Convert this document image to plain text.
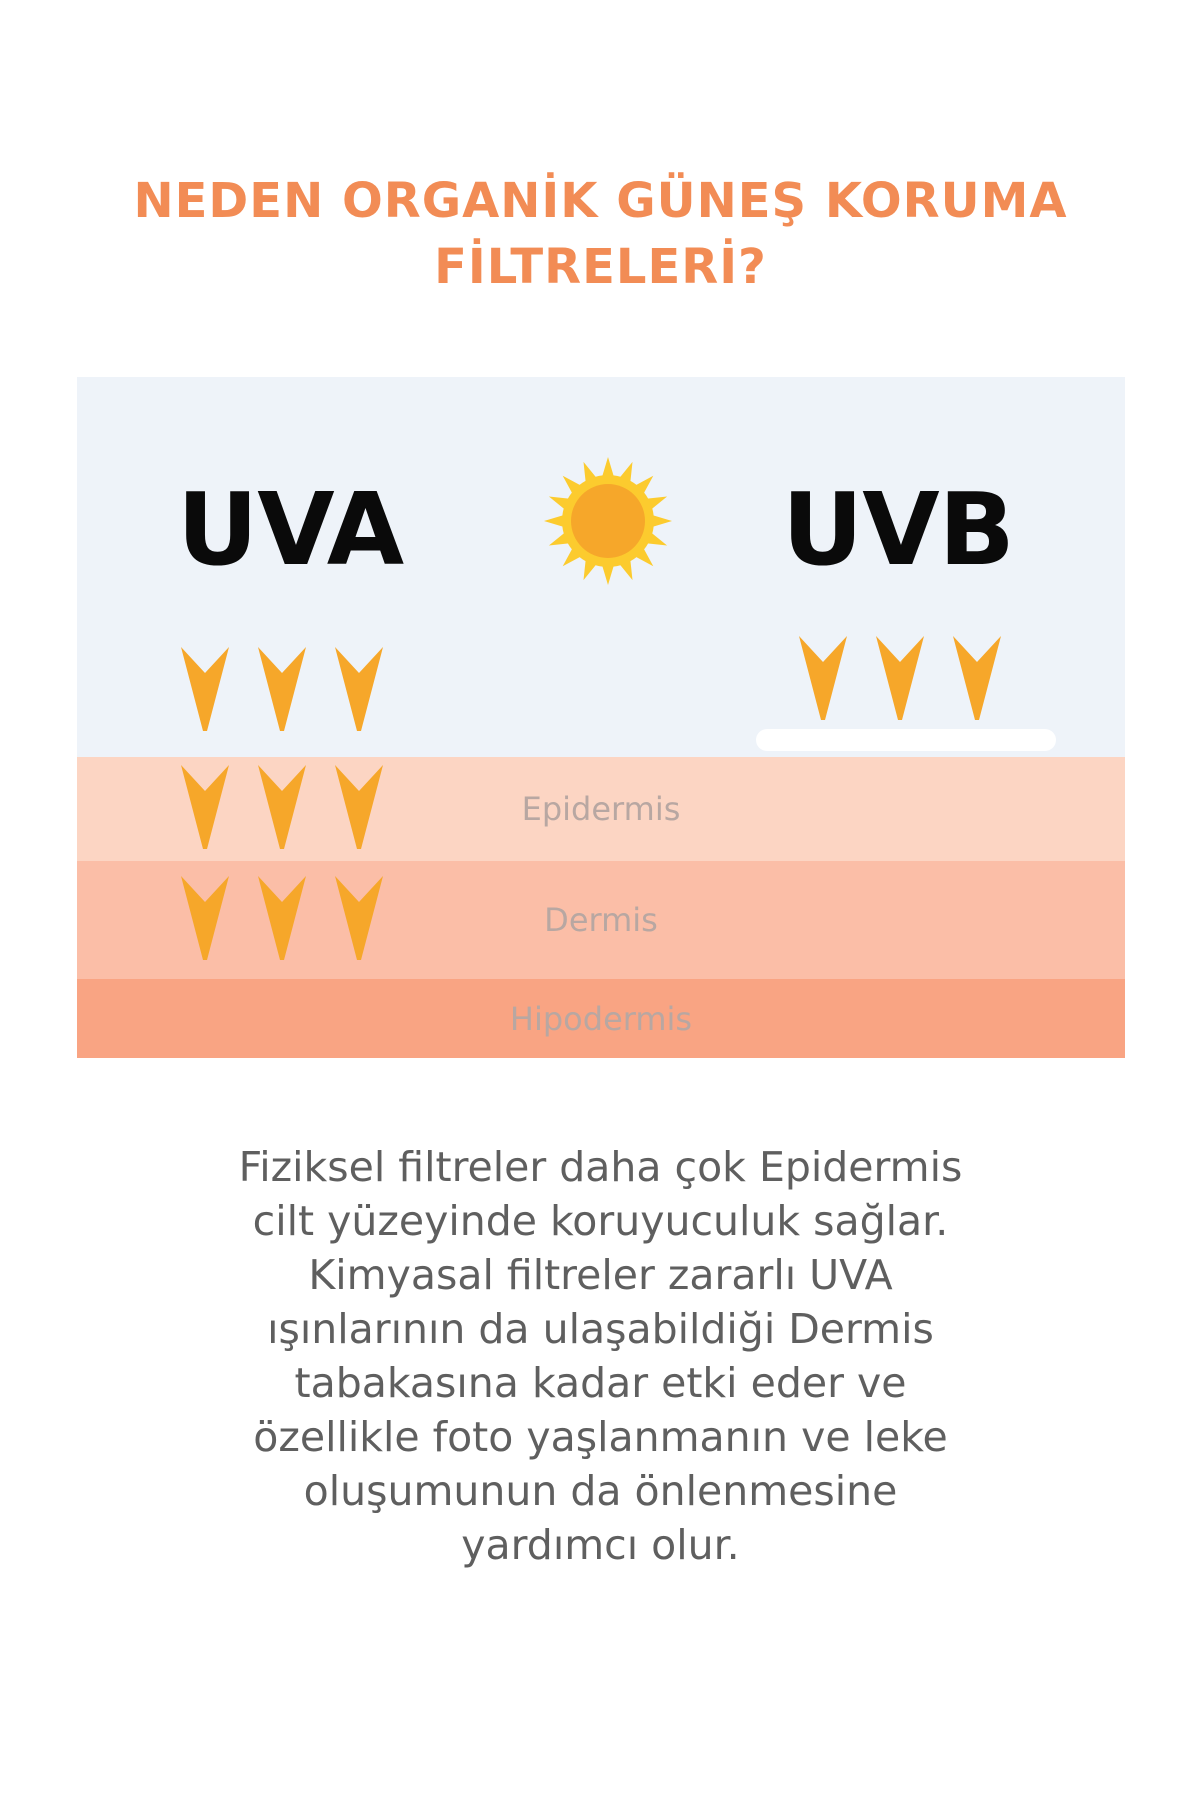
NEDEN ORGANİK GÜNEŞ KORUMA
FİLTRELERİ?
Epidermis
Dermis
Hipodermis
UVA	UVB

Fiziksel filtreler daha çok Epidermis
cilt yüzeyinde koruyuculuk sağlar.
Kimyasal filtreler zararlı UVA
ışınlarının da ulaşabildiği Dermis
tabakasına kadar etki eder ve
özellikle foto yaşlanmanın ve leke
oluşumunun da önlenmesine
yardımcı olur.
